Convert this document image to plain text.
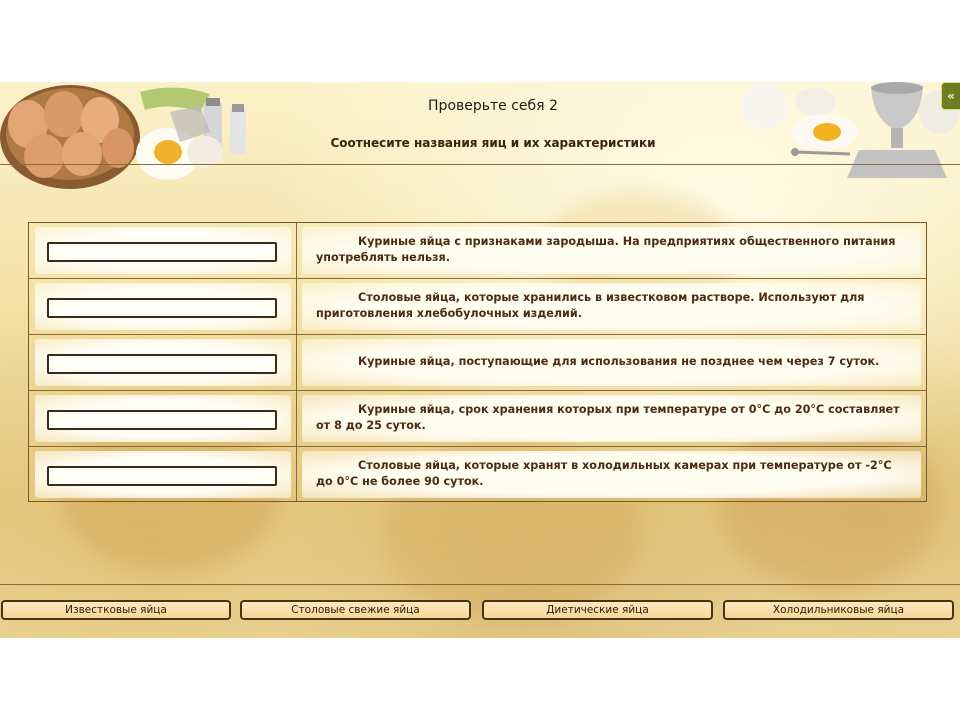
Проверьте себя 2
Соотнесите названия яиц и их характеристики
«
Куриные яйца с признаками зародыша. На предприятиях общественного питания употреблять нельзя.
Столовые яйца, которые хранились в известковом растворе. Используют для приготовления хлебобулочных изделий.
Куриные яйца, поступающие для использования не позднее чем через 7 суток.
Куриные яйца, срок хранения которых при температуре от 0°С до 20°С составляет от 8 до 25 суток.
Столовые яйца, которые хранят в холодильных камерах при температуре от -2°С до 0°С не более 90 суток.
Известковые яйца	Столовые свежие яйца	Диетические яйца	Холодильниковые яйца
